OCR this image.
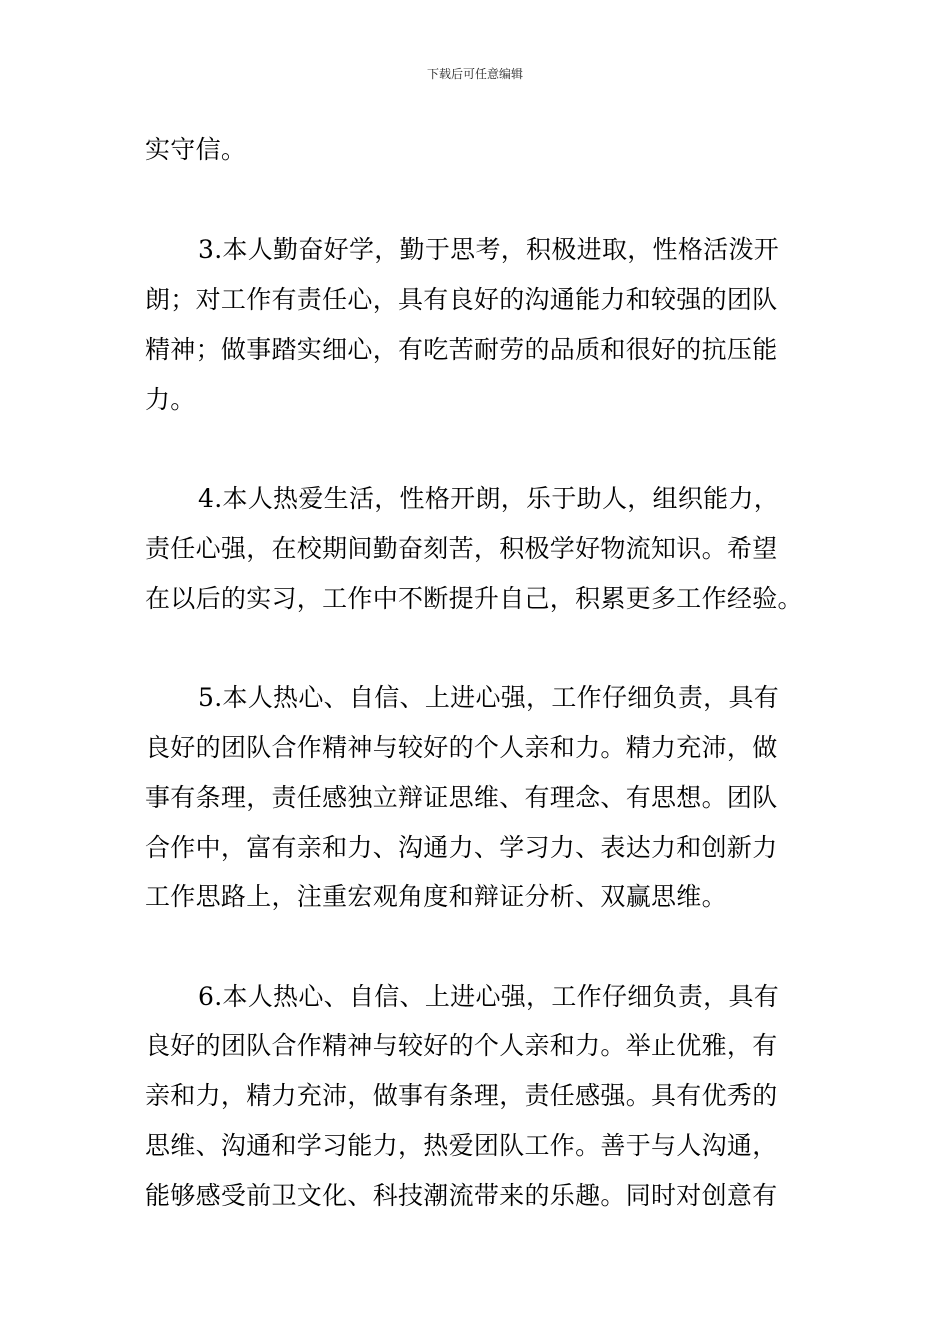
下载后可任意编辑
实守信。
3.本人勤奋好学，勤于思考，积极进取，性格活泼开
朗；对工作有责任心，具有良好的沟通能力和较强的团队
精神；做事踏实细心，有吃苦耐劳的品质和很好的抗压能
力。
4.本人热爱生活，性格开朗，乐于助人，组织能力，
责任心强，在校期间勤奋刻苦，积极学好物流知识。希望
在以后的实习，工作中不断提升自己，积累更多工作经验。
5.本人热心、自信、上进心强，工作仔细负责，具有
良好的团队合作精神与较好的个人亲和力。精力充沛，做
事有条理，责任感独立辩证思维、有理念、有思想。团队
合作中，富有亲和力、沟通力、学习力、表达力和创新力
工作思路上，注重宏观角度和辩证分析、双赢思维。
6.本人热心、自信、上进心强，工作仔细负责，具有
良好的团队合作精神与较好的个人亲和力。举止优雅，有
亲和力，精力充沛，做事有条理，责任感强。具有优秀的
思维、沟通和学习能力，热爱团队工作。善于与人沟通，
能够感受前卫文化、科技潮流带来的乐趣。同时对创意有
